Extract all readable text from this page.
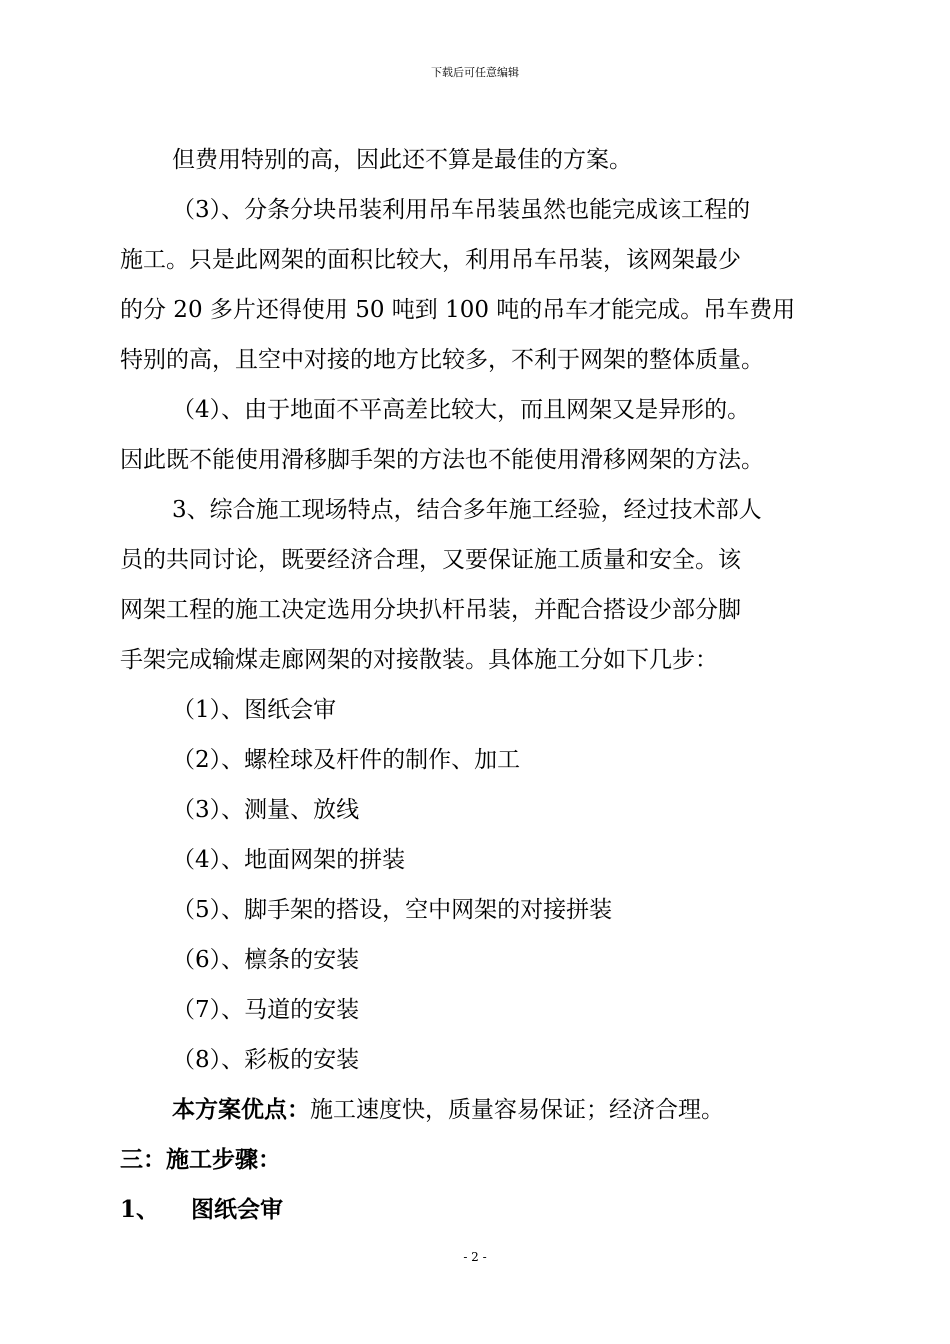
下载后可任意编辑
但费用特别的高，因此还不算是最佳的方案。
（3）、分条分块吊装利用吊车吊装虽然也能完成该工程的
施工。只是此网架的面积比较大，利用吊车吊装，该网架最少
的分 20 多片还得使用 50 吨到 100 吨的吊车才能完成。吊车费用
特别的高，且空中对接的地方比较多，不利于网架的整体质量。
（4）、由于地面不平高差比较大，而且网架又是异形的。
因此既不能使用滑移脚手架的方法也不能使用滑移网架的方法。
3、综合施工现场特点，结合多年施工经验，经过技术部人
员的共同讨论，既要经济合理，又要保证施工质量和安全。该
网架工程的施工决定选用分块扒杆吊装，并配合搭设少部分脚
手架完成输煤走廊网架的对接散装。具体施工分如下几步：
（1）、图纸会审
（2）、螺栓球及杆件的制作、加工
（3）、测量、放线
（4）、地面网架的拼装
（5）、脚手架的搭设，空中网架的对接拼装
（6）、檩条的安装
（7）、马道的安装
（8）、彩板的安装
本方案优点：施工速度快，质量容易保证；经济合理。
三：施工步骤：
1、 图纸会审
- 2 -
